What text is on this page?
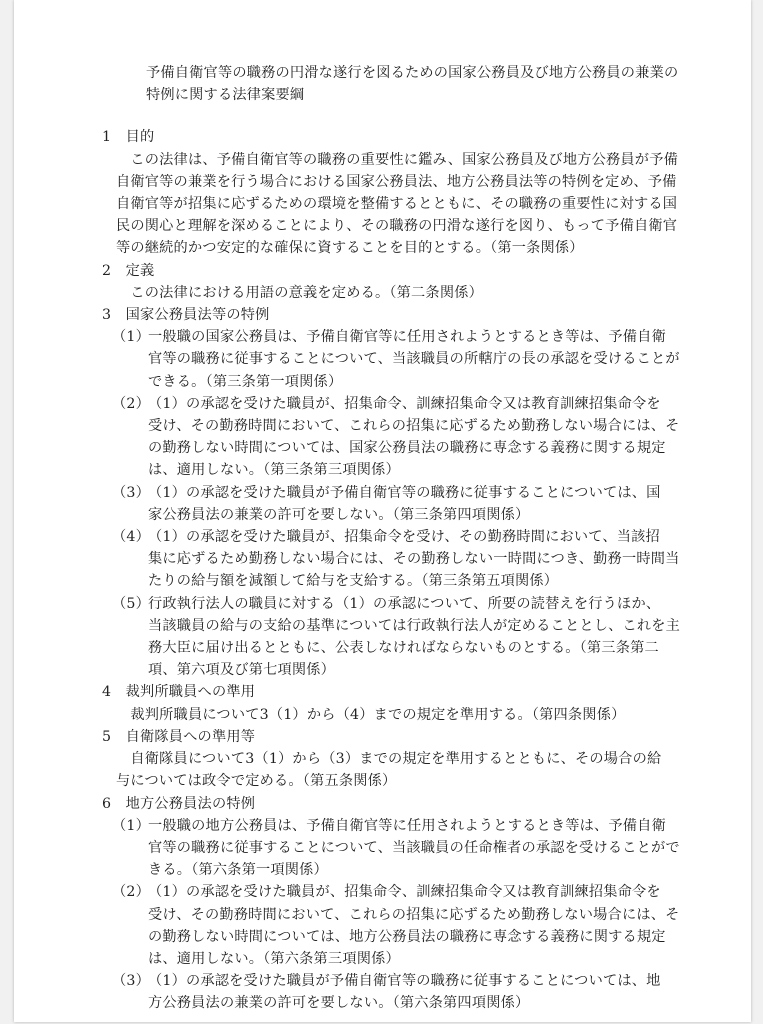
予備自衛官等の職務の円滑な遂行を図るための国家公務員及び地方公務員の兼業の
特例に関する法律案要綱
1　目的
　この法律は、予備自衛官等の職務の重要性に鑑み、国家公務員及び地方公務員が予備
自衛官等の兼業を行う場合における国家公務員法、地方公務員法等の特例を定め、予備
自衛官等が招集に応ずるための環境を整備するとともに、その職務の重要性に対する国
民の関心と理解を深めることにより、その職務の円滑な遂行を図り、もって予備自衛官
等の継続的かつ安定的な確保に資することを目的とする。（第一条関係）
2　定義
　この法律における用語の意義を定める。（第二条関係）
3　国家公務員法等の特例
（1）
一般職の国家公務員は、予備自衛官等に任用されようとするとき等は、予備自衛
官等の職務に従事することについて、当該職員の所轄庁の長の承認を受けることが
できる。（第三条第一項関係）
（2）
（1）の承認を受けた職員が、招集命令、訓練招集命令又は教育訓練招集命令を
受け、その勤務時間において、これらの招集に応ずるため勤務しない場合には、そ
の勤務しない時間については、国家公務員法の職務に専念する義務に関する規定
は、適用しない。（第三条第三項関係）
（3）
（1）の承認を受けた職員が予備自衛官等の職務に従事することについては、国
家公務員法の兼業の許可を要しない。（第三条第四項関係）
（4）
（1）の承認を受けた職員が、招集命令を受け、その勤務時間において、当該招
集に応ずるため勤務しない場合には、その勤務しない一時間につき、勤務一時間当
たりの給与額を減額して給与を支給する。（第三条第五項関係）
（5）
行政執行法人の職員に対する（1）の承認について、所要の読替えを行うほか、
当該職員の給与の支給の基準については行政執行法人が定めることとし、これを主
務大臣に届け出るとともに、公表しなければならないものとする。（第三条第二
項、第六項及び第七項関係）
4　裁判所職員への準用
　裁判所職員について3（1）から（4）までの規定を準用する。（第四条関係）
5　自衛隊員への準用等
　自衛隊員について3（1）から（3）までの規定を準用するとともに、その場合の給
与については政令で定める。（第五条関係）
6　地方公務員法の特例
（1）
一般職の地方公務員は、予備自衛官等に任用されようとするとき等は、予備自衛
官等の職務に従事することについて、当該職員の任命権者の承認を受けることがで
きる。（第六条第一項関係）
（2）
（1）の承認を受けた職員が、招集命令、訓練招集命令又は教育訓練招集命令を
受け、その勤務時間において、これらの招集に応ずるため勤務しない場合には、そ
の勤務しない時間については、地方公務員法の職務に専念する義務に関する規定
は、適用しない。（第六条第三項関係）
（3）
（1）の承認を受けた職員が予備自衛官等の職務に従事することについては、地
方公務員法の兼業の許可を要しない。（第六条第四項関係）
